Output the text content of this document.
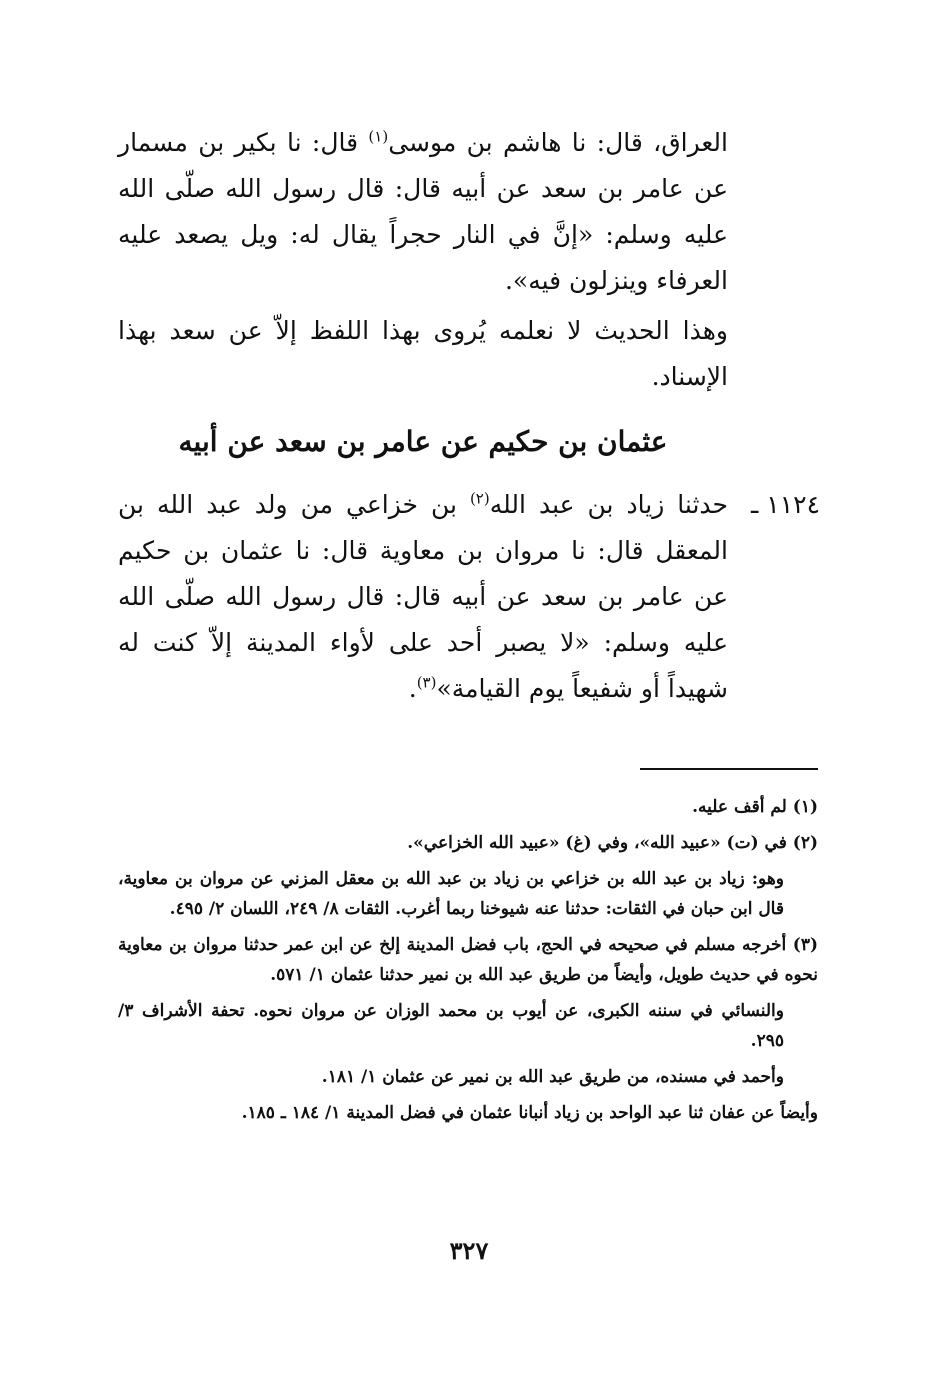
العراق، قال: نا هاشم بن موسى$^{(١)}$ قال: نا بكير بن مسمار عن عامر بن سعد عن أبيه قال: قال رسول الله صلّى الله عليه وسلم: «إنَّ في النار حجراً يقال له: ويل يصعد عليه العرفاء وينزلون فيه».

وهذا الحديث لا نعلمه يُروى بهذا اللفظ إلاّ عن سعد بهذا الإسناد.

عثمان بن حكيم عن عامر بن سعد عن أبيه
١١٢٤ ـ

حدثنا زياد بن عبد الله$^{(٢)}$ بن خزاعي من ولد عبد الله بن المعقل قال: نا مروان بن معاوية قال: نا عثمان بن حكيم عن عامر بن سعد عن أبيه قال: قال رسول الله صلّى الله عليه وسلم: «لا يصبر أحد على لأواء المدينة إلاّ كنت له شهيداً أو شفيعاً يوم القيامة»$^{(٣)}$.

(١) لم أقف عليه.

(٢) في (ت) «عبيد الله»، وفي (غ) «عبيد الله الخزاعي».

وهو: زياد بن عبد الله بن خزاعي بن زياد بن عبد الله بن معقل المزني عن مروان بن معاوية، قال ابن حبان في الثقات: حدثنا عنه شيوخنا ربما أغرب. الثقات ٨/ ٢٤٩، اللسان ٢/ ٤٩٥.

(٣) أخرجه مسلم في صحيحه في الحج، باب فضل المدينة إلخ عن ابن عمر حدثنا مروان بن معاوية نحوه في حديث طويل، وأيضاً من طريق عبد الله بن نمير حدثنا عثمان ١/ ٥٧١.

والنسائي في سننه الكبرى، عن أيوب بن محمد الوزان عن مروان نحوه. تحفة الأشراف ٣/ ٢٩٥.

وأحمد في مسنده، من طريق عبد الله بن نمير عن عثمان ١/ ١٨١.

وأيضاً عن عفان ثنا عبد الواحد بن زياد أنبانا عثمان في فضل المدينة ١/ ١٨٤ ـ ١٨٥.

٣٢٧
